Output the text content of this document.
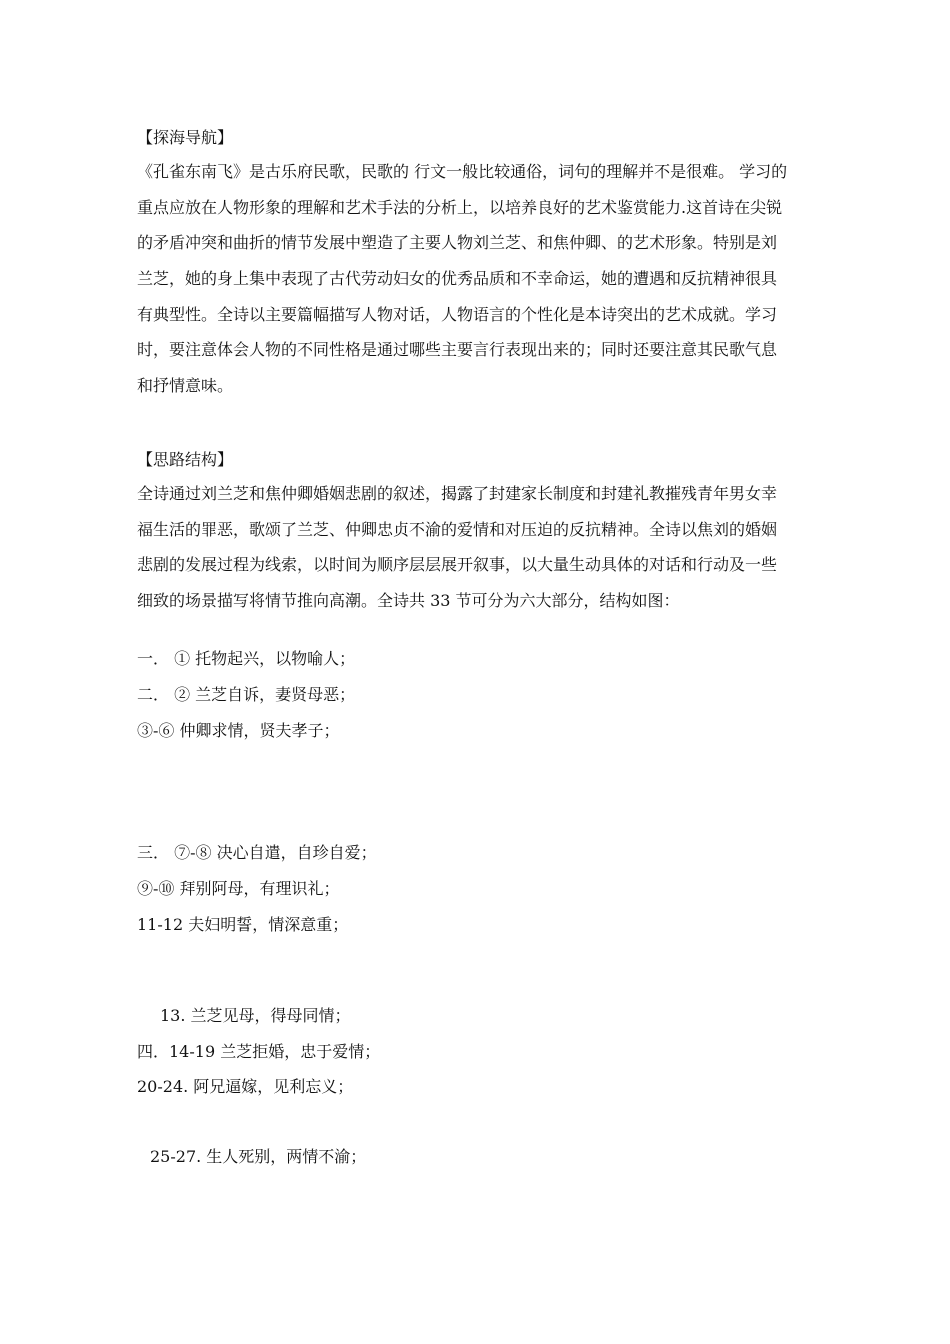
【探海导航】
《孔雀东南飞》是古乐府民歌，民歌的 行文一般比较通俗，词句的理解并不是很难。 学习的
重点应放在人物形象的理解和艺术手法的分析上，以培养良好的艺术鉴赏能力.这首诗在尖锐
的矛盾冲突和曲折的情节发展中塑造了主要人物刘兰芝、和焦仲卿、的艺术形象。特别是刘
兰芝，她的身上集中表现了古代劳动妇女的优秀品质和不幸命运，她的遭遇和反抗精神很具
有典型性。全诗以主要篇幅描写人物对话，人物语言的个性化是本诗突出的艺术成就。学习
时，要注意体会人物的不同性格是通过哪些主要言行表现出来的；同时还要注意其民歌气息
和抒情意味。
【思路结构】
全诗通过刘兰芝和焦仲卿婚姻悲剧的叙述，揭露了封建家长制度和封建礼教摧残青年男女幸
福生活的罪恶，歌颂了兰芝、仲卿忠贞不渝的爱情和对压迫的反抗精神。全诗以焦刘的婚姻
悲剧的发展过程为线索，以时间为顺序层层展开叙事，以大量生动具体的对话和行动及一些
细致的场景描写将情节推向高潮。全诗共 33 节可分为六大部分，结构如图：
一． ① 托物起兴，以物喻人；
二． ② 兰芝自诉，妻贤母恶；
③-⑥ 仲卿求情，贤夫孝子；
三． ⑦-⑧ 决心自遣，自珍自爱；
⑨-⑩ 拜别阿母，有理识礼；
11-12 夫妇明誓，情深意重；
13. 兰芝见母，得母同情；
四．14-19 兰芝拒婚，忠于爱情；
20-24. 阿兄逼嫁，见利忘义；
25-27. 生人死别，两情不渝；
